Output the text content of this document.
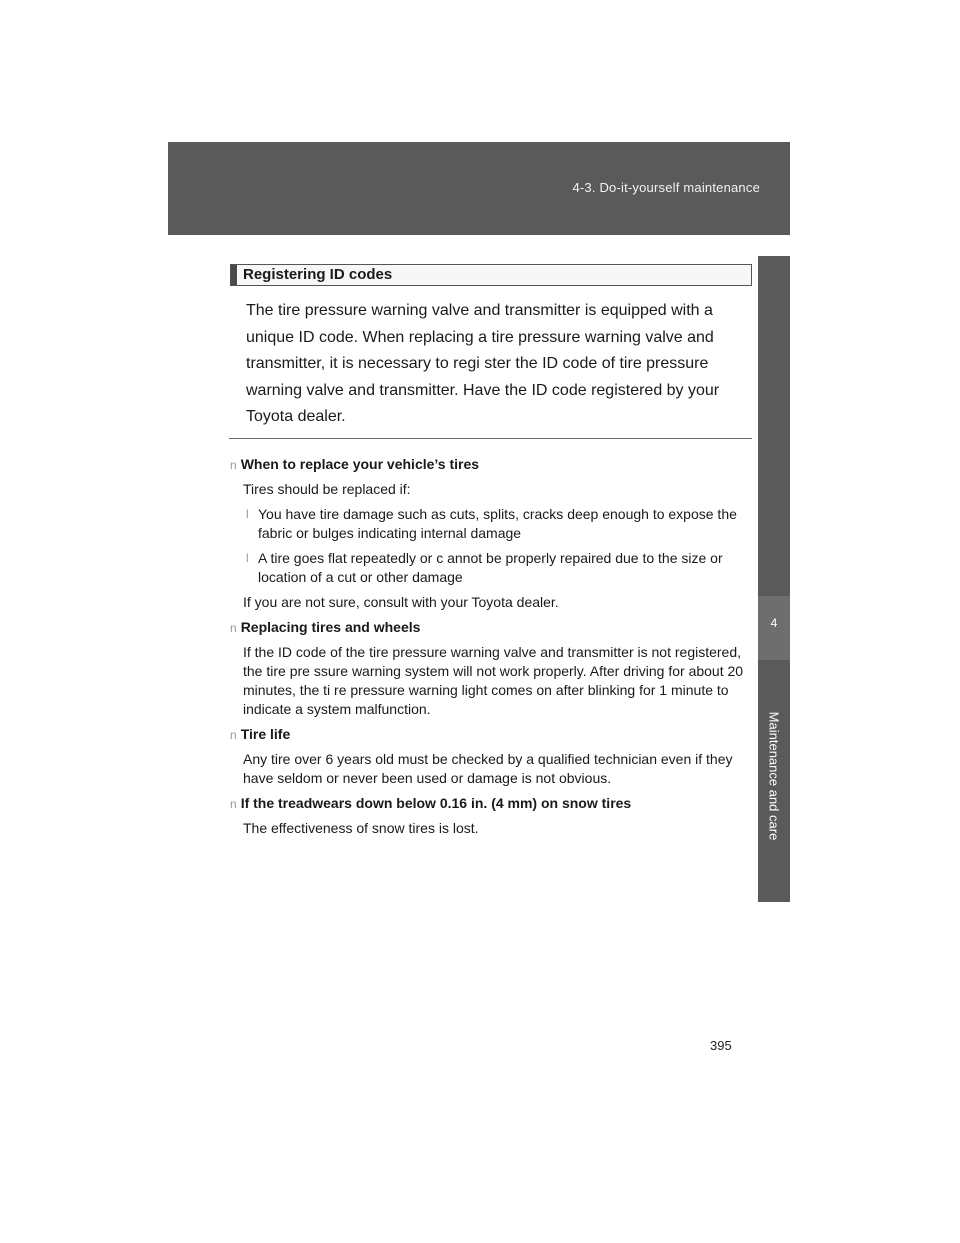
4-3. Do-it-yourself maintenance
4
Maintenance and care
Registering ID codes
The tire pressure warning valve and transmitter is equipped with a unique ID code. When replacing a tire pressure warning valve and transmitter, it is necessary to regi ster the ID code of tire pressure warning valve and transmitter. Have the ID code registered by your Toyota dealer.
n When to replace your vehicle’s tires
Tires should be replaced if:
l You have tire damage such as cuts, splits, cracks deep enough to expose the fabric or bulges indicating internal damage
l A tire goes flat repeatedly or c annot be properly repaired due to the size or location of a cut or other damage
If you are not sure, consult with your Toyota dealer.
n Replacing tires and wheels
If the ID code of the tire pressure warning valve and transmitter is not registered, the tire pre ssure warning system will not work properly. After driving for about 20 minutes, the ti re pressure warning light comes on after blinking for 1 minute to indicate a system malfunction.
n Tire life
Any tire over 6 years old must be checked by a qualified technician even if they have seldom or never been used or damage is not obvious.
n If the treadwears down below 0.16 in. (4 mm) on snow tires
The effectiveness of snow tires is lost.
395
